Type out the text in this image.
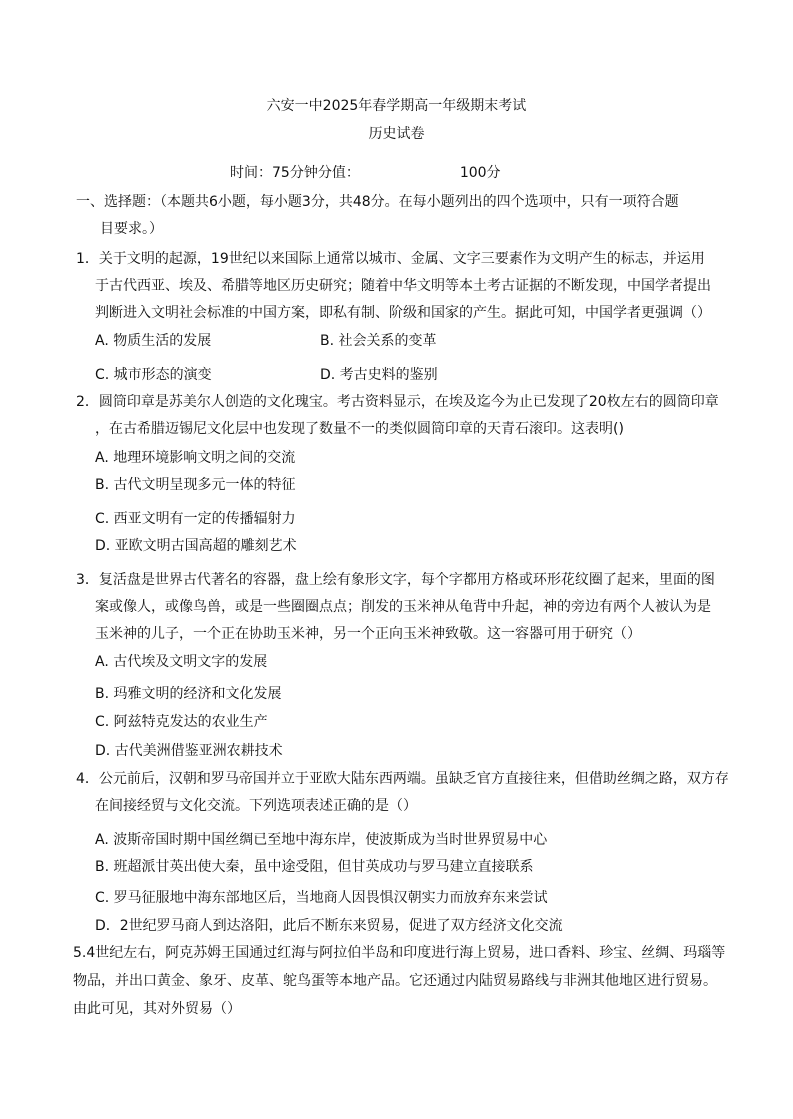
六安一中2025年春学期高一年级期末考试
历史试卷
时间：75分钟分值：	100分
一、选择题：（本题共6小题，每小题3分，共48分。在每小题列出的四个选项中，只有一项符合题
目要求。）
1．关于文明的起源，19世纪以来国际上通常以城市、金属、文字三要素作为文明产生的标志，并运用
于古代西亚、埃及、希腊等地区历史研究；随着中华文明等本土考古证据的不断发现，中国学者提出
判断进入文明社会标准的中国方案，即私有制、阶级和国家的产生。据此可知，中国学者更强调（）
A. 物质生活的发展	B. 社会关系的变革
C. 城市形态的演变	D. 考古史料的鉴别
2．圆筒印章是苏美尔人创造的文化瑰宝。考古资料显示，在埃及迄今为止已发现了20枚左右的圆筒印章
，在古希腊迈锡尼文化层中也发现了数量不一的类似圆筒印章的天青石滚印。这表明()
A. 地理环境影响文明之间的交流
B. 古代文明呈现多元一体的特征
C. 西亚文明有一定的传播辐射力
D. 亚欧文明古国高超的雕刻艺术
3．复活盘是世界古代著名的容器，盘上绘有象形文字，每个字都用方格或环形花纹圈了起来，里面的图
案或像人，或像鸟兽，或是一些圈圈点点；削发的玉米神从龟背中升起，神的旁边有两个人被认为是
玉米神的儿子，一个正在协助玉米神，另一个正向玉米神致敬。这一容器可用于研究（）
A. 古代埃及文明文字的发展
B. 玛雅文明的经济和文化发展
C. 阿兹特克发达的农业生产
D. 古代美洲借鉴亚洲农耕技术
4．公元前后，汉朝和罗马帝国并立于亚欧大陆东西两端。虽缺乏官方直接往来，但借助丝绸之路，双方存
在间接经贸与文化交流。下列选项表述正确的是（）
A. 波斯帝国时期中国丝绸已至地中海东岸，使波斯成为当时世界贸易中心
B. 班超派甘英出使大秦，虽中途受阻，但甘英成功与罗马建立直接联系
C. 罗马征服地中海东部地区后，当地商人因畏惧汉朝实力而放弃东来尝试
D．2世纪罗马商人到达洛阳，此后不断东来贸易，促进了双方经济文化交流
5.4世纪左右，阿克苏姆王国通过红海与阿拉伯半岛和印度进行海上贸易，进口香料、珍宝、丝绸、玛瑙等
物品，并出口黄金、象牙、皮革、鸵鸟蛋等本地产品。它还通过内陆贸易路线与非洲其他地区进行贸易。
由此可见，其对外贸易（）
